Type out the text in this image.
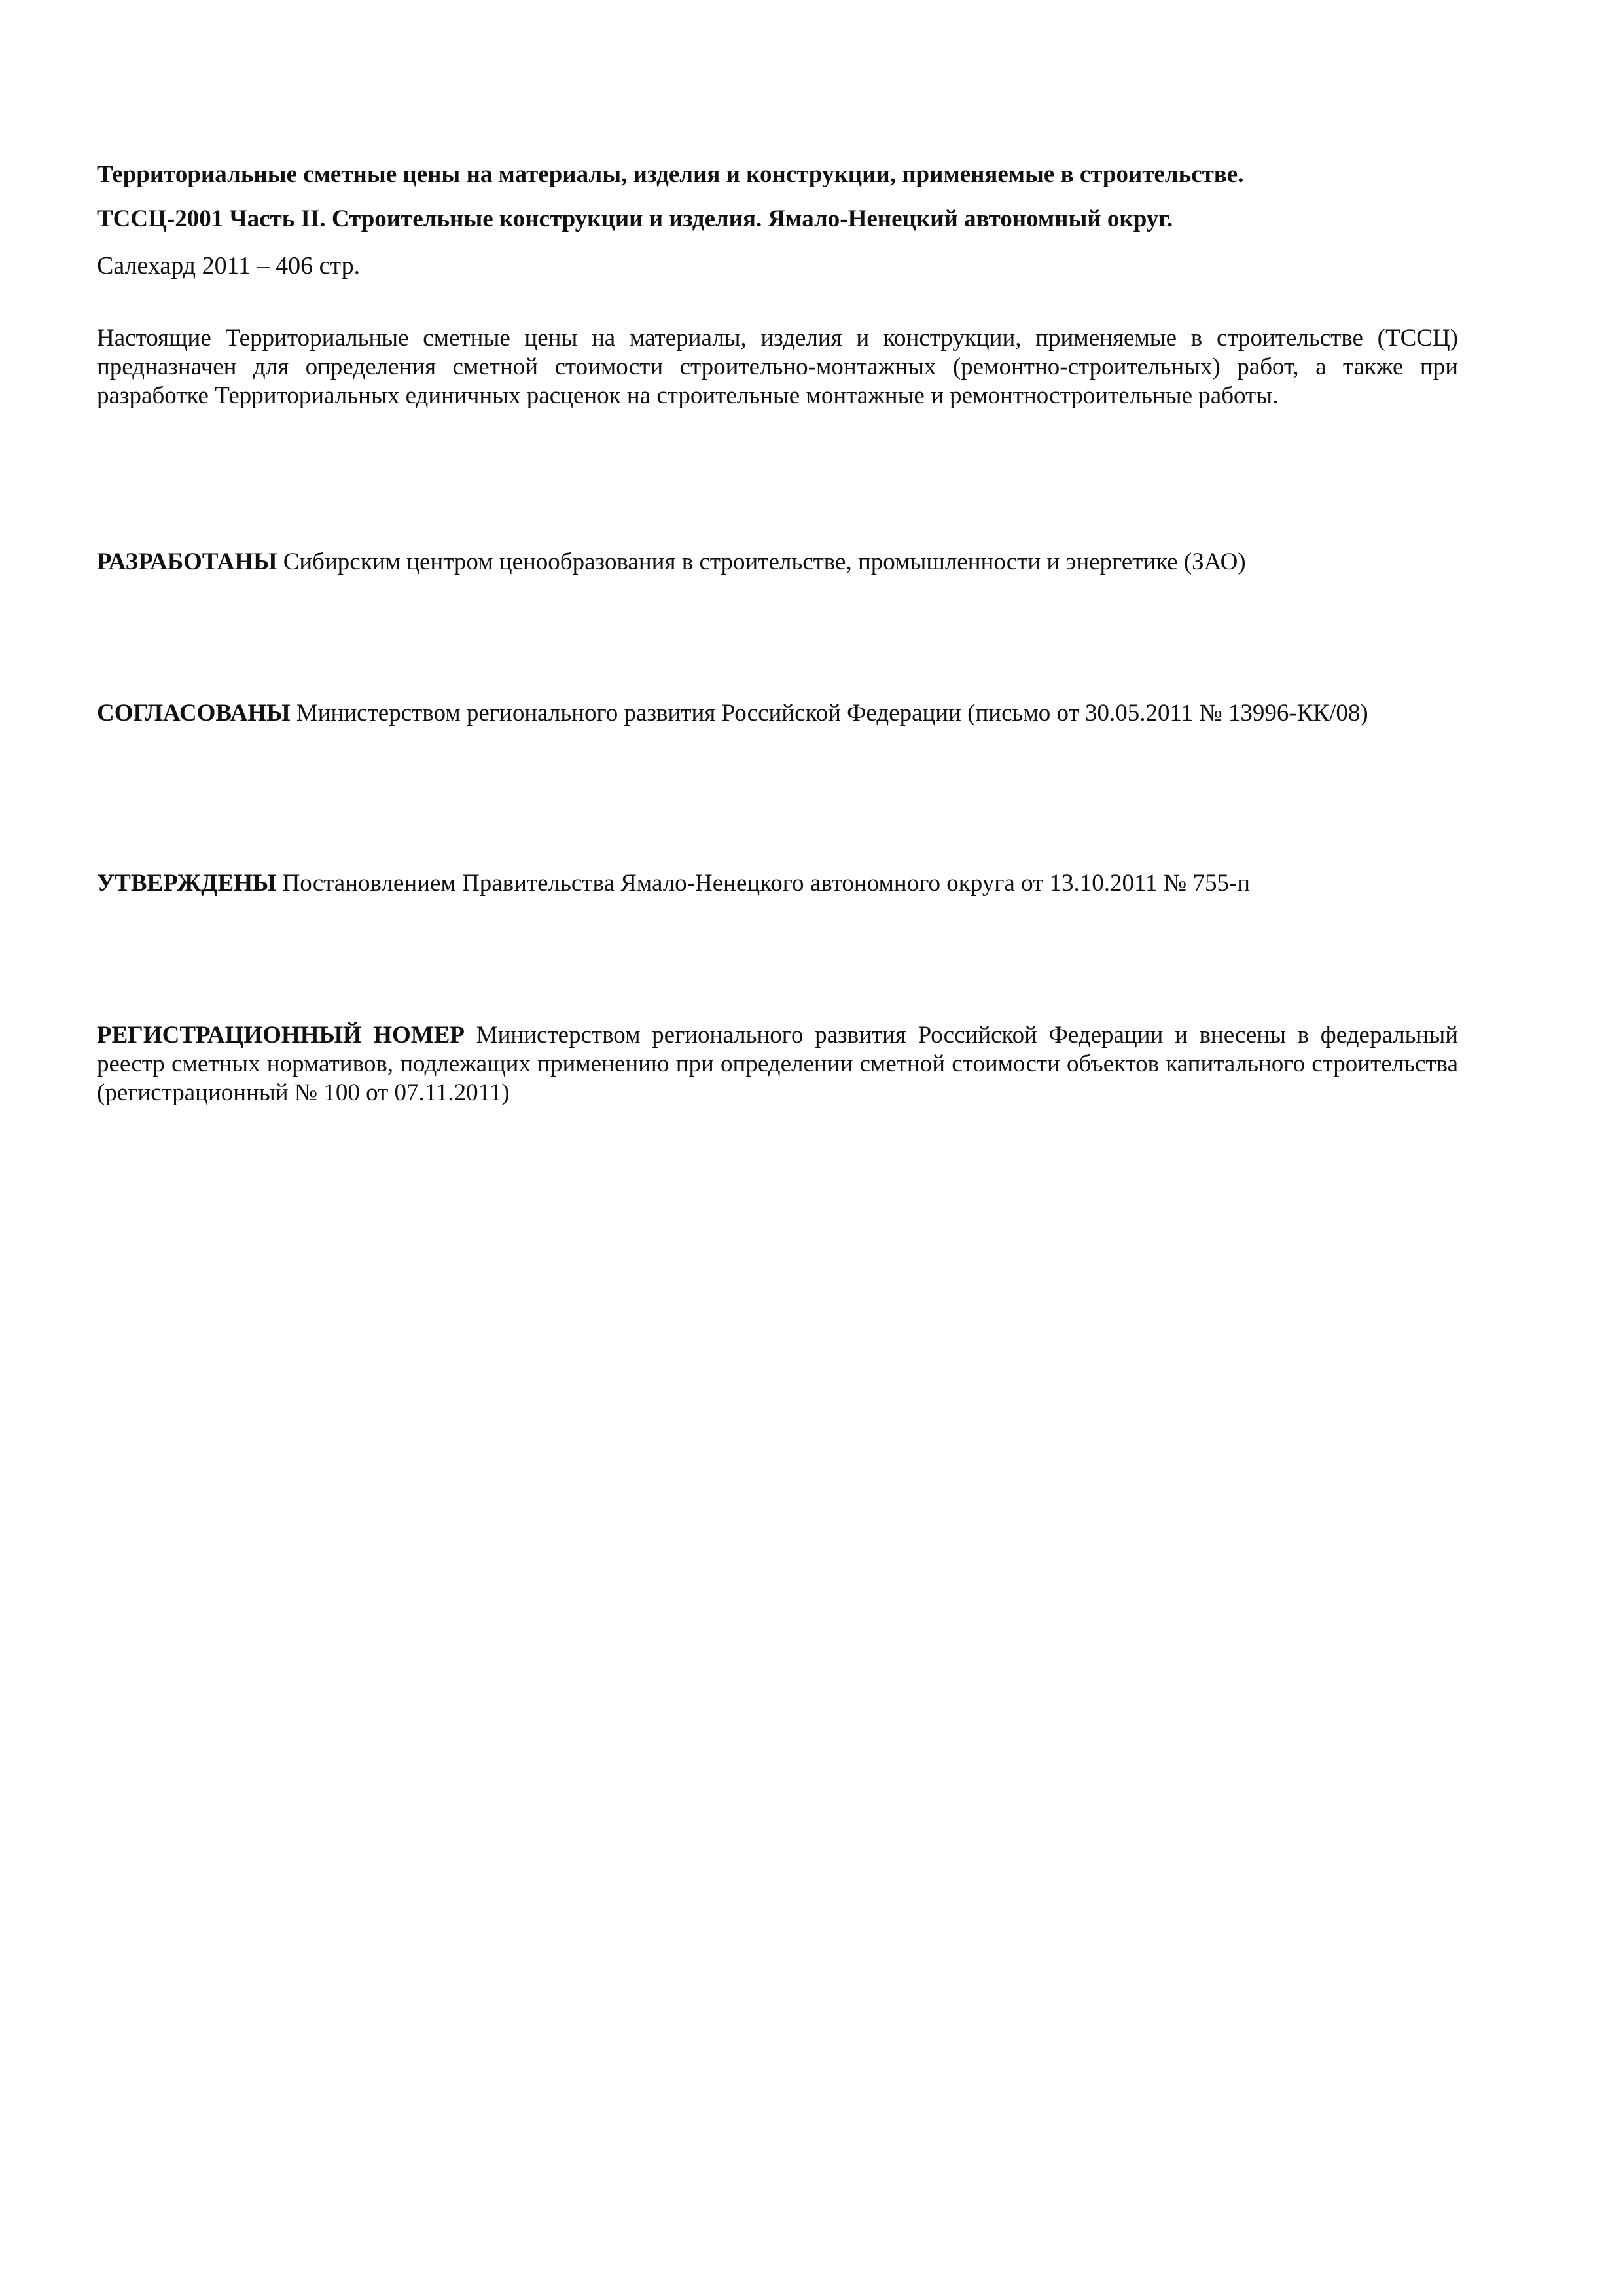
Территориальные сметные цены на материалы, изделия и конструкции, применяемые в строительстве.
ТССЦ-2001 Часть II. Строительные конструкции и изделия. Ямало-Ненецкий автономный округ.
Салехард 2011 – 406 стр.
Настоящие Территориальные сметные цены на материалы, изделия и конструкции, применяемые в строительстве (ТССЦ) предназначен для определения сметной стоимости строительно-монтажных (ремонтно-строительных) работ, а также при разработке Территориальных единичных расценок на строительные монтажные и ремонтностроительные работы.
РАЗРАБОТАНЫ Сибирским центром ценообразования в строительстве, промышленности и энергетике (ЗАО)
СОГЛАСОВАНЫ Министерством регионального развития Российской Федерации (письмо от 30.05.2011 № 13996-КК/08)
УТВЕРЖДЕНЫ Постановлением Правительства Ямало-Ненецкого автономного округа от 13.10.2011 № 755-п
РЕГИСТРАЦИОННЫЙ НОМЕР Министерством регионального развития Российской Федерации и внесены в федеральный реестр сметных нормативов, подлежащих применению при определении сметной стоимости объектов капитального строительства (регистрационный № 100 от 07.11.2011)
